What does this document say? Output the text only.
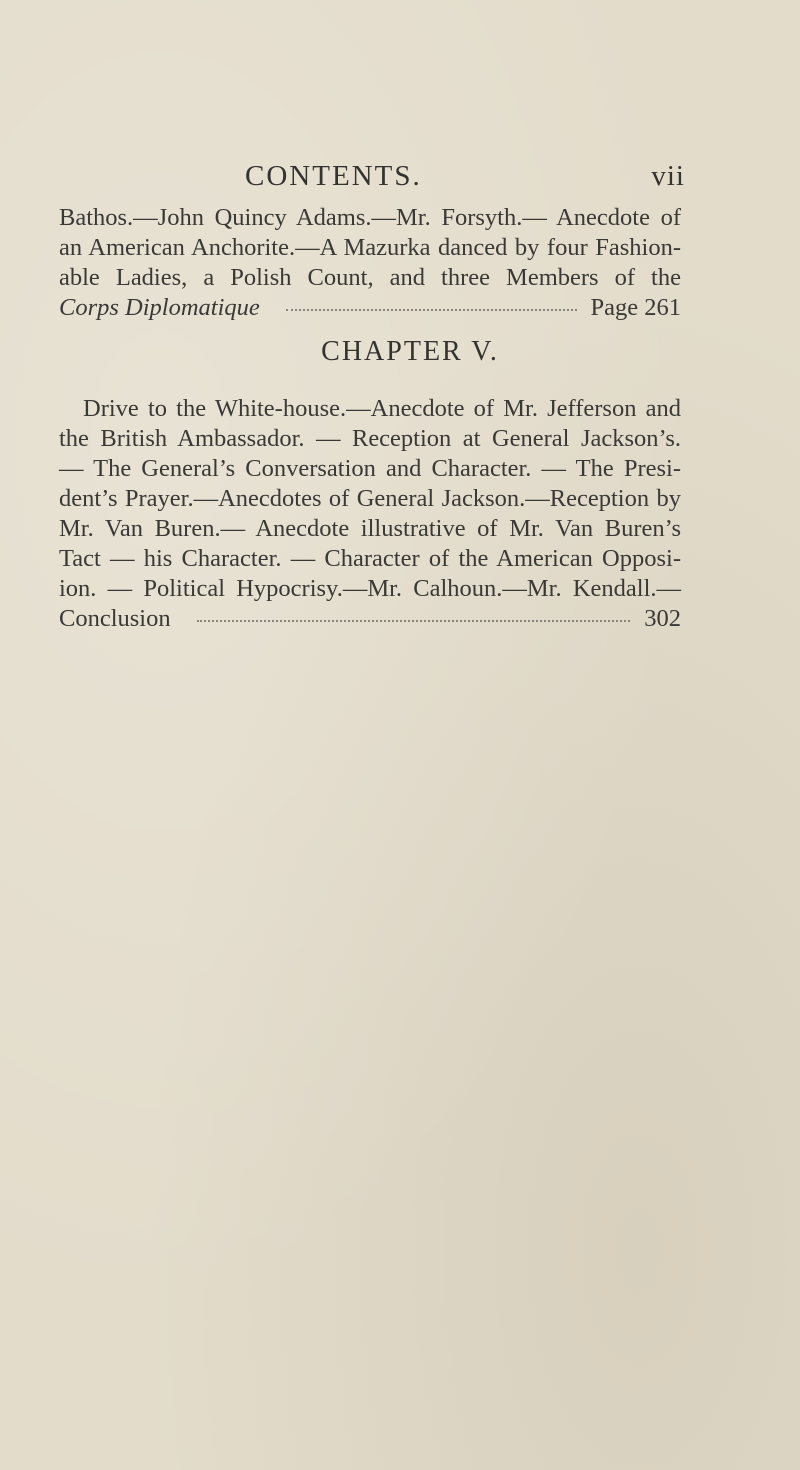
CONTENTS.	vii
Bathos.—John Quincy Adams.—Mr. Forsyth.— Anecdote of
an American Anchorite.—A Mazurka danced by four Fashion-
able Ladies, a Polish Count, and three Members of the
Corps Diplomatique	Page 261
CHAPTER V.
Drive to the White-house.—Anecdote of Mr. Jefferson and
the British Ambassador. — Reception at General Jackson’s.
— The General’s Conversation and Character. — The Presi-
dent’s Prayer.—Anecdotes of General Jackson.—Reception by
Mr. Van Buren.— Anecdote illustrative of Mr. Van Buren’s
Tact — his Character. — Character of the American Opposi-
ion. — Political Hypocrisy.—Mr. Calhoun.—Mr. Kendall.—
Conclusion	302
